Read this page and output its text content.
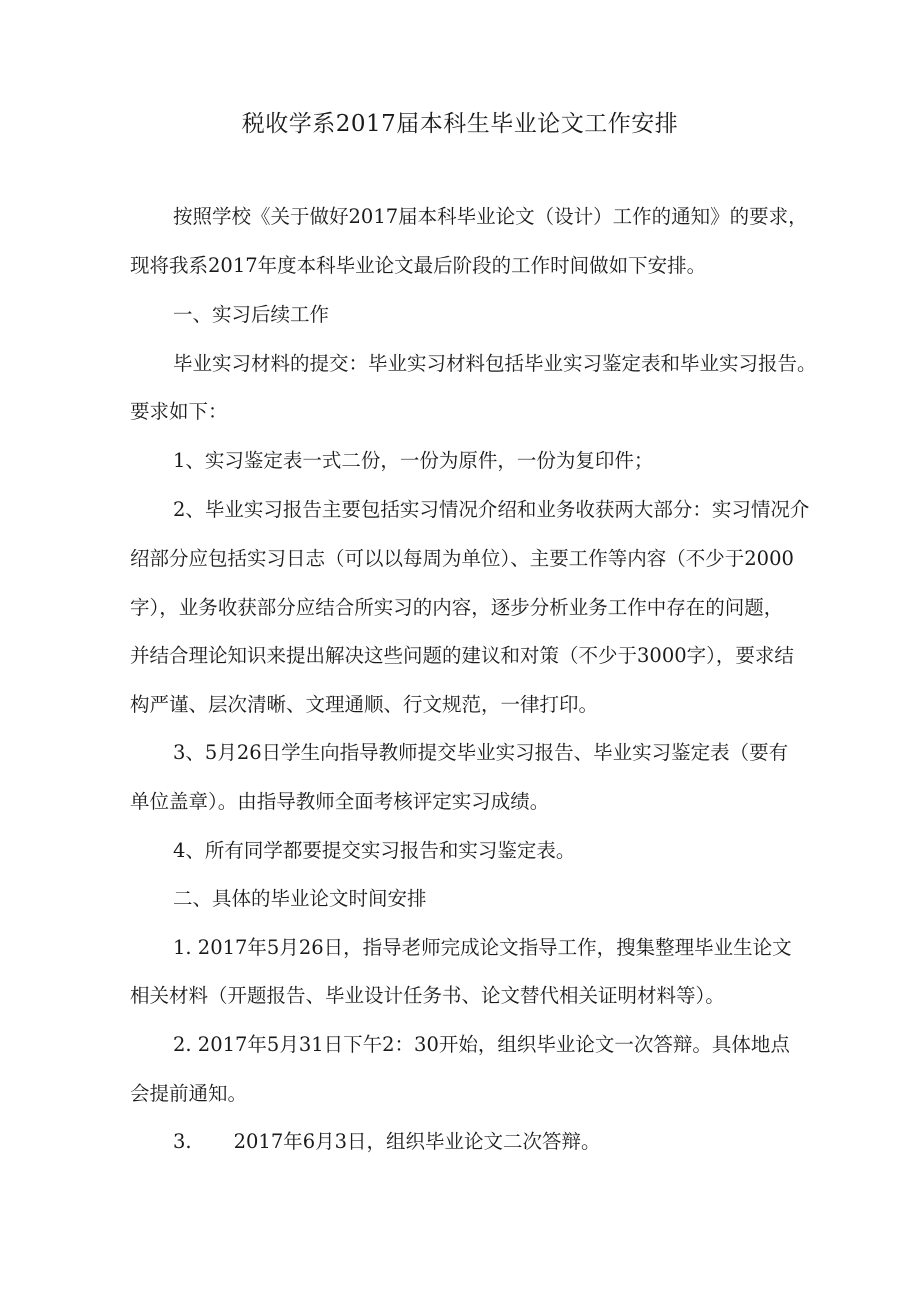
税收学系2017届本科生毕业论文工作安排
按照学校《关于做好2017届本科毕业论文（设计）工作的通知》的要求，
现将我系2017年度本科毕业论文最后阶段的工作时间做如下安排。
一、实习后续工作
毕业实习材料的提交：毕业实习材料包括毕业实习鉴定表和毕业实习报告。
要求如下：
1、实习鉴定表一式二份，一份为原件，一份为复印件；
2、毕业实习报告主要包括实习情况介绍和业务收获两大部分：实习情况介
绍部分应包括实习日志（可以以每周为单位）、主要工作等内容（不少于2000
字），业务收获部分应结合所实习的内容，逐步分析业务工作中存在的问题，
并结合理论知识来提出解决这些问题的建议和对策（不少于3000字），要求结
构严谨、层次清晰、文理通顺、行文规范，一律打印。
3、5月26日学生向指导教师提交毕业实习报告、毕业实习鉴定表（要有
单位盖章）。由指导教师全面考核评定实习成绩。
4、所有同学都要提交实习报告和实习鉴定表。
二、具体的毕业论文时间安排
1. 2017年5月26日，指导老师完成论文指导工作，搜集整理毕业生论文
相关材料（开题报告、毕业设计任务书、论文替代相关证明材料等）。
2. 2017年5月31日下午2：30开始，组织毕业论文一次答辩。具体地点
会提前通知。
3. 2017年6月3日，组织毕业论文二次答辩。
